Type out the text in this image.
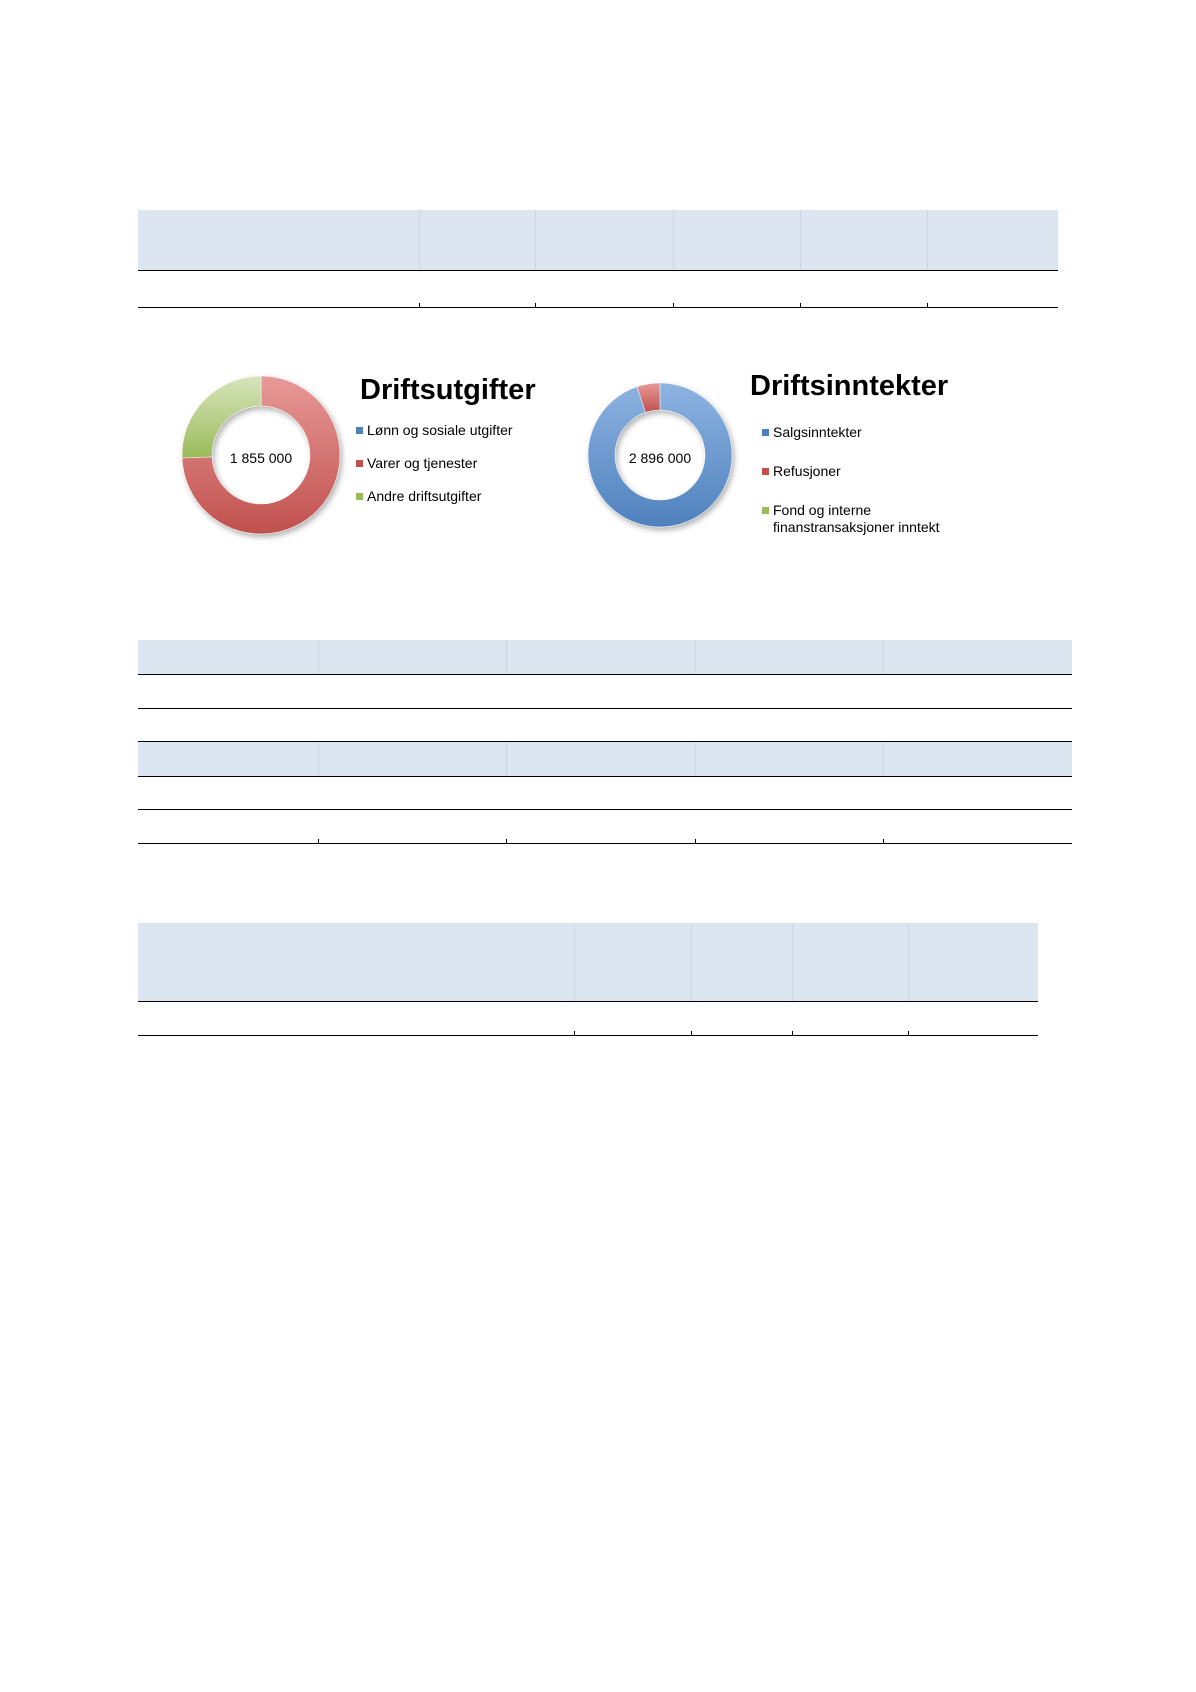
1 855 000
Driftsutgifter
Lønn og sosiale utgifter
Varer og tjenester
Andre driftsutgifter
2 896 000
Driftsinntekter
Salgsinntekter
Refusjoner
Fond og interne finanstransaksjoner inntekt
